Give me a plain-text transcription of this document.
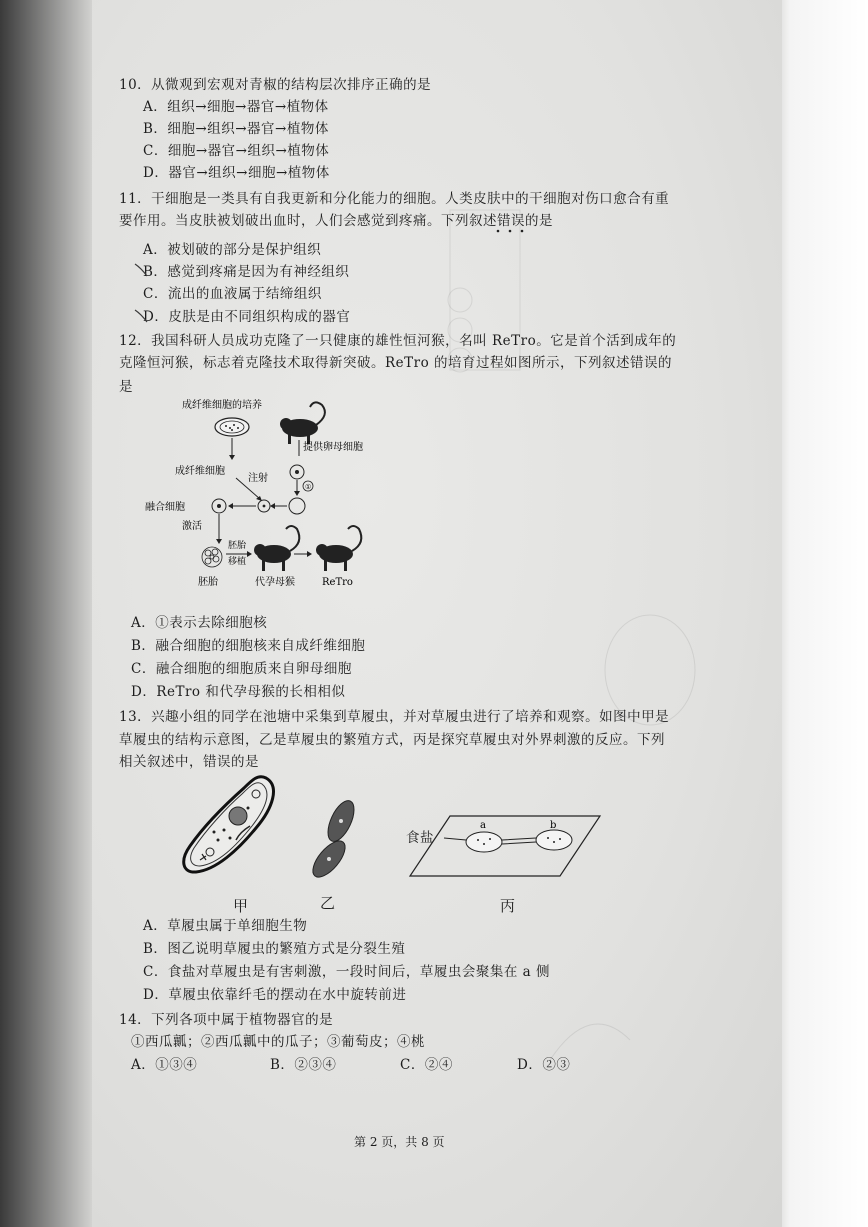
10．从微观到宏观对青椒的结构层次排序正确的是
A．组织→细胞→器官→植物体
B．细胞→组织→器官→植物体
C．细胞→器官→组织→植物体
D．器官→组织→细胞→植物体
11．干细胞是一类具有自我更新和分化能力的细胞。人类皮肤中的干细胞对伤口愈合有重
要作用。当皮肤被划破出血时，人们会感觉到疼痛。下列叙述错误的是
A．被划破的部分是保护组织
B．感觉到疼痛是因为有神经组织
C．流出的血液属于结缔组织
D．皮肤是由不同组织构成的器官
12．我国科研人员成功克隆了一只健康的雄性恒河猴，名叫 ReTro。它是首个活到成年的
克隆恒河猴，标志着克隆技术取得新突破。ReTro 的培育过程如图所示，下列叙述错误的
是
成纤维细胞的培养
提供卵母细胞
成纤维细胞
①
注射
融合细胞
激活
胚胎
移植
胚胎	代孕母猴	ReTro
A．①表示去除细胞核
B．融合细胞的细胞核来自成纤维细胞
C．融合细胞的细胞质来自卵母细胞
D．ReTro 和代孕母猴的长相相似
13．兴趣小组的同学在池塘中采集到草履虫，并对草履虫进行了培养和观察。如图中甲是
草履虫的结构示意图，乙是草履虫的繁殖方式，丙是探究草履虫对外界刺激的反应。下列
相关叙述中，错误的是
甲	乙
a	b
食盐
丙
A．草履虫属于单细胞生物
B．图乙说明草履虫的繁殖方式是分裂生殖
C．食盐对草履虫是有害刺激，一段时间后，草履虫会聚集在 a 侧
D．草履虫依靠纤毛的摆动在水中旋转前进
14．下列各项中属于植物器官的是
①西瓜瓤；②西瓜瓤中的瓜子；③葡萄皮；④桃
A．①③④	B．②③④	C．②④	D．②③
第 2 页，共 8 页
